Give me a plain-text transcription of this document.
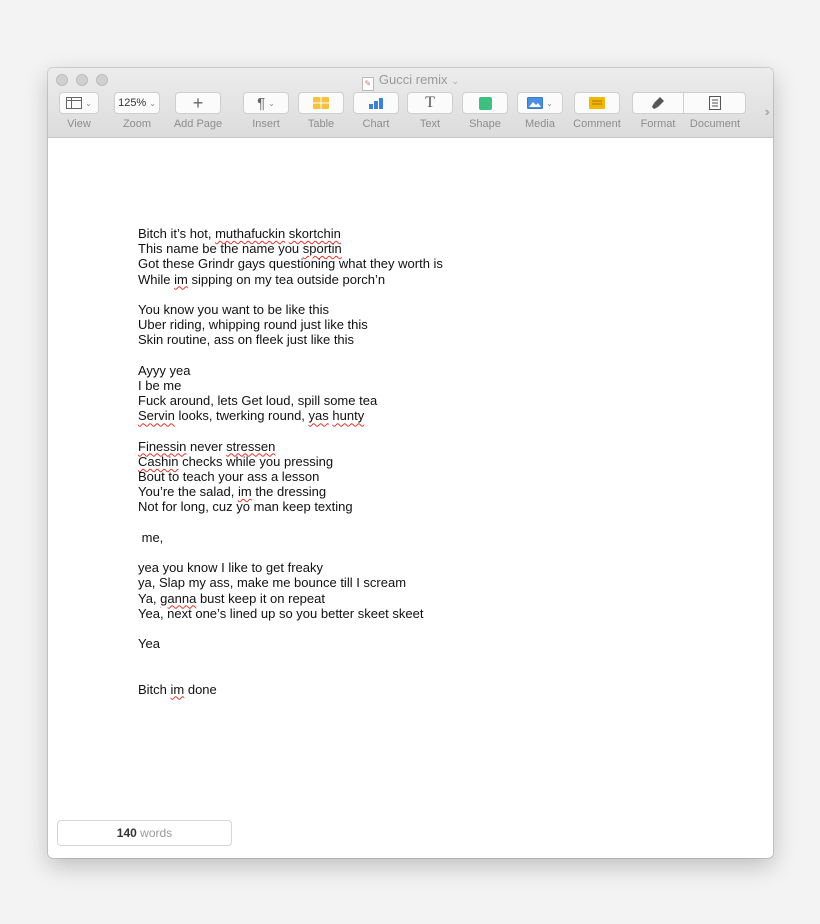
✎ Gucci remix ⌄
⌄
View
125% ⌄
Zoom
+
Add Page
¶ ⌄
Insert	Table	Chart
T
Text	Shape
⌄
Media	Comment	Format	Document
››
Bitch it’s hot, muthafuckin skortchin
This name be the name you sportin
Got these Grindr gays questioning what they worth is
While im sipping on my tea outside porch’n
You know you want to be like this
Uber riding, whipping round just like this
Skin routine, ass on fleek just like this
Ayyy yea
I be me
Fuck around, lets Get loud, spill some tea
Servin looks, twerking round, yas hunty
Finessin never stressen
Cashin checks while you pressing
Bout to teach your ass a lesson
You’re the salad, im the dressing
Not for long, cuz yo man keep texting
me,
yea you know I like to get freaky
ya, Slap my ass, make me bounce till I scream
Ya, ganna bust keep it on repeat
Yea, next one’s lined up so you better skeet skeet
Yea
Bitch im done
140 words
